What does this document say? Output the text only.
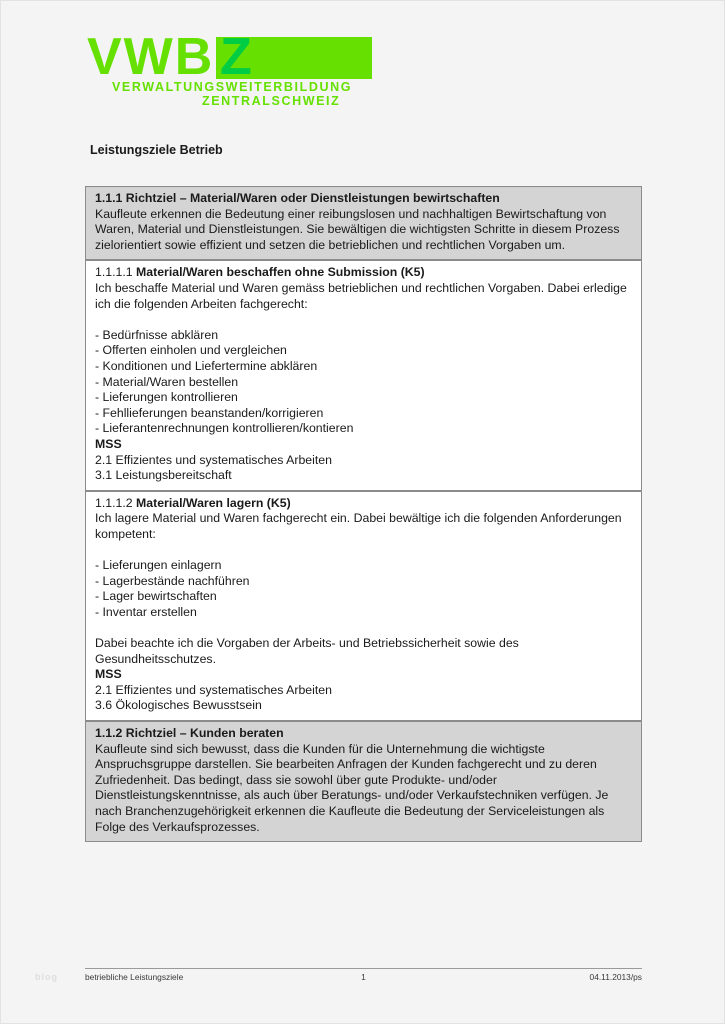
VWB Z
VERWALTUNGSWEITERBILDUNG
ZENTRALSCHWEIZ
Leistungsziele Betrieb

1.1.1 Richtziel – Material/Waren oder Dienstleistungen bewirtschaften

Kaufleute erkennen die Bedeutung einer reibungslosen und nachhaltigen Bewirtschaftung von Waren, Material und Dienstleistungen. Sie bewältigen die wichtigsten Schritte in diesem Prozess zielorientiert sowie effizient und setzen die betrieblichen und rechtlichen Vorgaben um.

1.1.1.1 Material/Waren beschaffen ohne Submission (K5)

Ich beschaffe Material und Waren gemäss betrieblichen und rechtlichen Vorgaben. Dabei erledige ich die folgenden Arbeiten fachgerecht:

- Bedürfnisse abklären
- Offerten einholen und vergleichen
- Konditionen und Liefertermine abklären
- Material/Waren bestellen
- Lieferungen kontrollieren
- Fehllieferungen beanstanden/korrigieren
- Lieferantenrechnungen kontrollieren/kontieren

MSS

2.1 Effizientes und systematisches Arbeiten

3.1 Leistungsbereitschaft

1.1.1.2 Material/Waren lagern (K5)

Ich lagere Material und Waren fachgerecht ein. Dabei bewältige ich die folgenden Anforderungen kompetent:

- Lieferungen einlagern
- Lagerbestände nachführen
- Lager bewirtschaften
- Inventar erstellen

Dabei beachte ich die Vorgaben der Arbeits- und Betriebssicherheit sowie des Gesundheitsschutzes.

MSS

2.1 Effizientes und systematisches Arbeiten

3.6 Ökologisches Bewusstsein

1.1.2 Richtziel – Kunden beraten

Kaufleute sind sich bewusst, dass die Kunden für die Unternehmung die wichtigste Anspruchsgruppe darstellen. Sie bearbeiten Anfragen der Kunden fachgerecht und zu deren Zufriedenheit. Das bedingt, dass sie sowohl über gute Produkte- und/oder Dienstleistungskenntnisse, als auch über Beratungs- und/oder Verkaufstechniken verfügen. Je nach Branchenzugehörigkeit erkennen die Kaufleute die Bedeutung der Serviceleistungen als Folge des Verkaufsprozesses.

betriebliche Leistungsziele	1	04.11.2013/ps
blog
